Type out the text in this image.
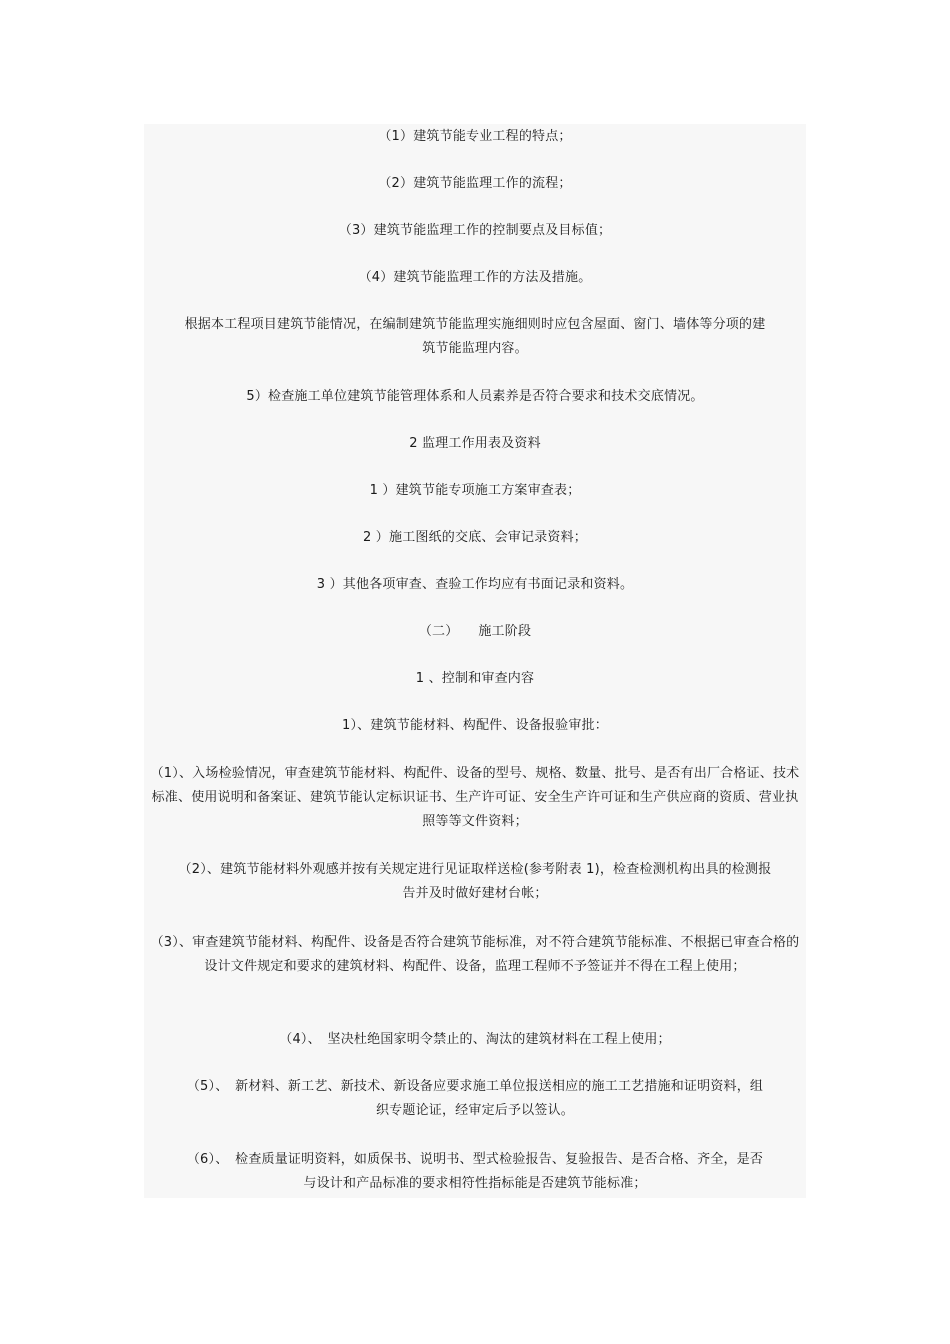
（1）建筑节能专业工程的特点；
（2）建筑节能监理工作的流程；
（3）建筑节能监理工作的控制要点及目标值；
（4）建筑节能监理工作的方法及措施。
根据本工程项目建筑节能情况，在编制建筑节能监理实施细则时应包含屋面、窗门、墙体等分项的建筑节能监理内容。
5）检查施工单位建筑节能管理体系和人员素养是否符合要求和技术交底情况。
2 监理工作用表及资料
1 ）建筑节能专项施工方案审查表；
2 ）施工图纸的交底、会审记录资料；
3 ）其他各项审查、查验工作均应有书面记录和资料。
（二）　　施工阶段
1 、控制和审查内容
1）、建筑节能材料、构配件、设备报验审批：
（1）、入场检验情况，审查建筑节能材料、构配件、设备的型号、规格、数量、批号、是否有出厂合格证、技术标准、使用说明和备案证、建筑节能认定标识证书、生产许可证、安全生产许可证和生产供应商的资质、营业执照等等文件资料；
（2）、建筑节能材料外观感并按有关规定进行见证取样送检(参考附表 1)，检查检测机构出具的检测报告并及时做好建材台帐；
（3）、审查建筑节能材料、构配件、设备是否符合建筑节能标准，对不符合建筑节能标准、不根据已审查合格的设计文件规定和要求的建筑材料、构配件、设备，监理工程师不予签证并不得在工程上使用；
（4）、　坚决杜绝国家明令禁止的、淘汰的建筑材料在工程上使用；
（5）、　新材料、新工艺、新技术、新设备应要求施工单位报送相应的施工工艺措施和证明资料，组织专题论证，经审定后予以签认。
（6）、　检查质量证明资料，如质保书、说明书、型式检验报告、复验报告、是否合格、齐全，是否与设计和产品标准的要求相符性指标能是否建筑节能标准；
